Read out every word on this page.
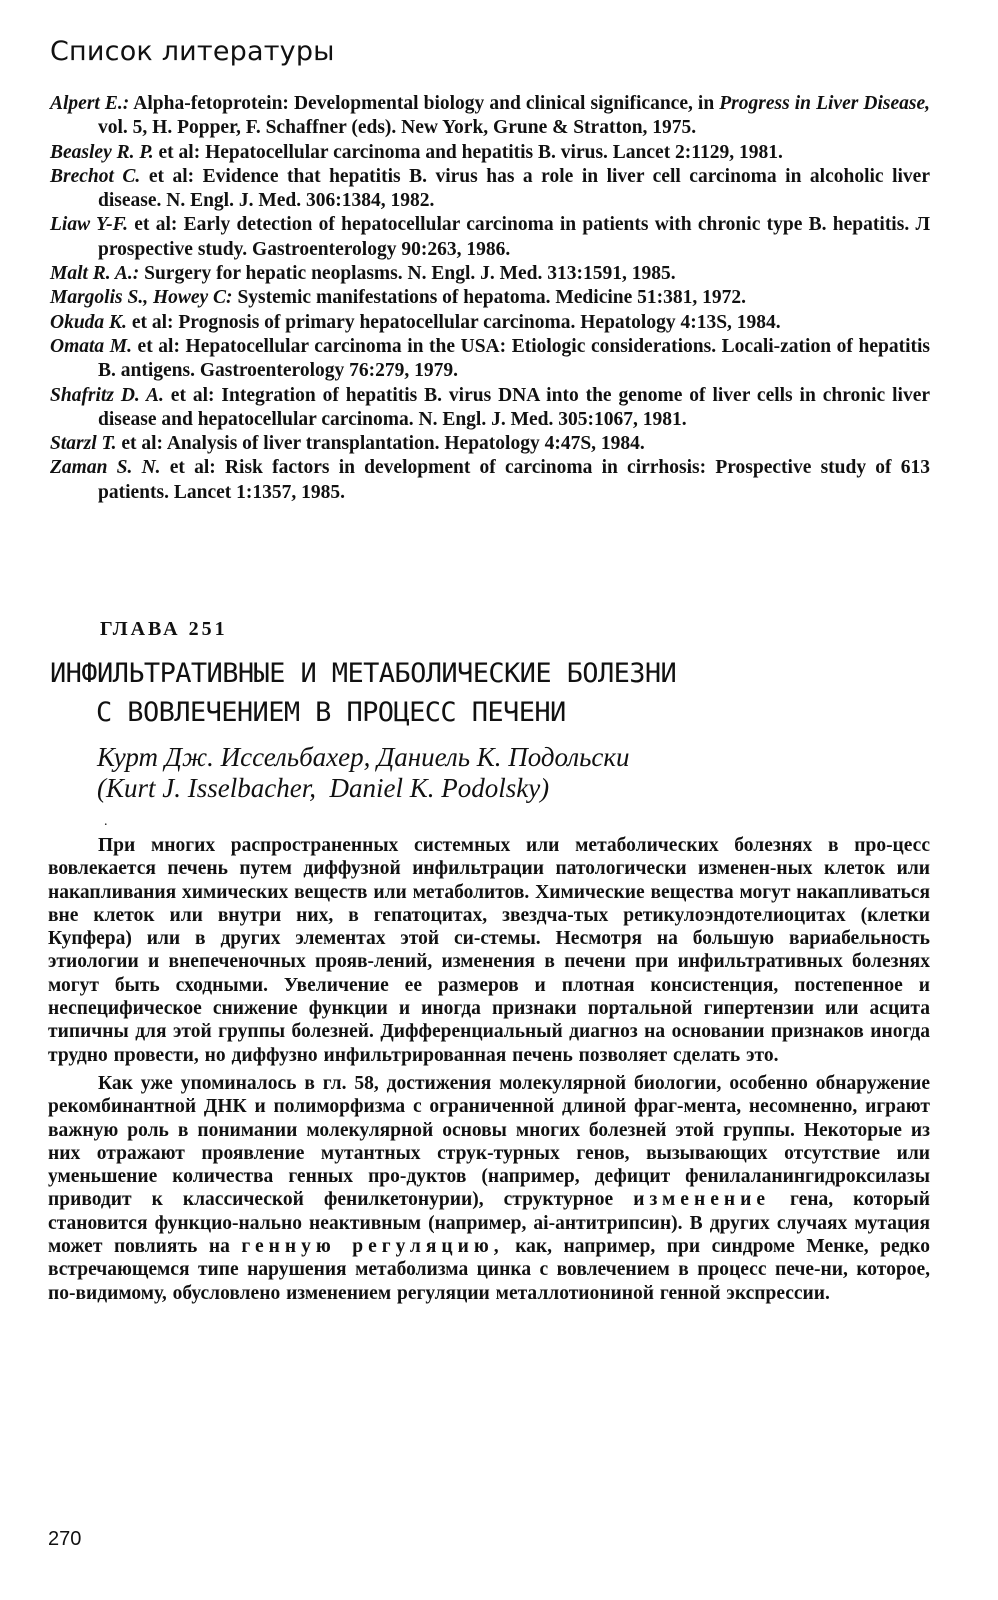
Список литературы
Alpert E.: Alpha-fetoprotein: Developmental biology and clinical significance, in Progress in Liver Disease, vol. 5, H. Popper, F. Schaffner (eds). New York, Grune & Stratton, 1975.
Beasley R. P. et al: Hepatocellular carcinoma and hepatitis B. virus. Lancet 2:1129, 1981.
Brechot C. et al: Evidence that hepatitis B. virus has a role in liver cell carcinoma in alcoholic liver disease. N. Engl. J. Med. 306:1384, 1982.
Liaw Y-F. et al: Early detection of hepatocellular carcinoma in patients with chronic type B. hepatitis. Л prospective study. Gastroenterology 90:263, 1986.
Malt R. A.: Surgery for hepatic neoplasms. N. Engl. J. Med. 313:1591, 1985.
Margolis S., Howey C: Systemic manifestations of hepatoma. Medicine 51:381, 1972.
Okuda K. et al: Prognosis of primary hepatocellular carcinoma. Hepatology 4:13S, 1984.
Omata M. et al: Hepatocellular carcinoma in the USA: Etiologic considerations. Locali-zation of hepatitis B. antigens. Gastroenterology 76:279, 1979.
Shafritz D. A. et al: Integration of hepatitis B. virus DNA into the genome of liver cells in chronic liver disease and hepatocellular carcinoma. N. Engl. J. Med. 305:1067, 1981.
Starzl T. et al: Analysis of liver transplantation. Hepatology 4:47S, 1984.
Zaman S. N. et al: Risk factors in development of carcinoma in cirrhosis: Prospective study of 613 patients. Lancet 1:1357, 1985.
ГЛАВА 251
ИНФИЛЬТРАТИВНЫЕ И МЕТАБОЛИЧЕСКИЕ БОЛЕЗНИ
С ВОВЛЕЧЕНИЕМ В ПРОЦЕСС ПЕЧЕНИ
Курт Дж. Иссельбахер, Даниель К. Подольски
(Kurt J. Isselbacher,  Daniel K. Podolsky)
.

При многих распространенных системных или метаболических болезнях в про-цесс вовлекается печень путем диффузной инфильтрации патологически изменен-ных клеток или накапливания химических веществ или метаболитов. Химические вещества могут накапливаться вне клеток или внутри них, в гепатоцитах, звездча-тых ретикулоэндотелиоцитах (клетки Купфера) или в других элементах этой си-стемы. Несмотря на большую вариабельность этиологии и внепеченочных прояв-лений, изменения в печени при инфильтративных болезнях могут быть сходными. Увеличение ее размеров и плотная консистенция, постепенное и неспецифическое снижение функции и иногда признаки портальной гипертензии или асцита типичны для этой группы болезней. Дифференциальный диагноз на основании признаков иногда трудно провести, но диффузно инфильтрированная печень позволяет сделать это.

Как уже упоминалось в гл. 58, достижения молекулярной биологии, особенно обнаружение рекомбинантной ДНК и полиморфизма с ограниченной длиной фраг-мента, несомненно, играют важную роль в понимании молекулярной основы многих болезней этой группы. Некоторые из них отражают проявление мутантных струк-турных генов, вызывающих отсутствие или уменьшение количества генных про-дуктов (например, дефицит фенилаланингидроксилазы приводит к классической фенилкетонурии), структурное изменение гена, который становится функцио-нально неактивным (например, ai-антитрипсин). В других случаях мутация может повлиять на генную регуляцию, как, например, при синдроме Менке, редко встречающемся типе нарушения метаболизма цинка с вовлечением в процесс пече-ни, которое, по-видимому, обусловлено изменением регуляции металлотиониной генной экспрессии.

270
